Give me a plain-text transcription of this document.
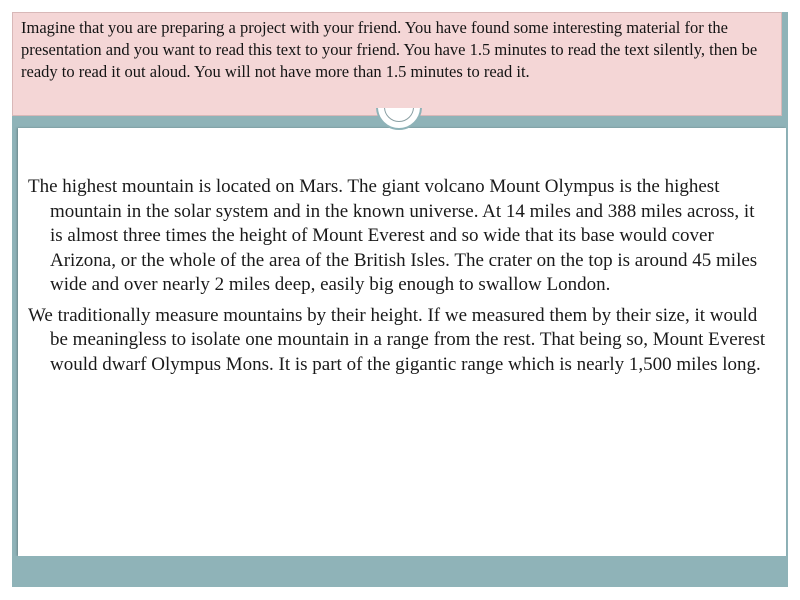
Imagine that you are preparing a project with your friend. You have found some interesting material for the presentation and you want to read this text to your friend. You have 1.5 minutes to read the text silently, then be ready to read it out aloud. You will not have more than 1.5 minutes to read it.

The highest mountain is located on Mars. The giant volcano Mount Olympus is the highest mountain in the solar system and in the known universe. At 14 miles and 388 miles across, it is almost three times the height of Mount Everest and so wide that its base would cover Arizona, or the whole of the area of the British Isles. The crater on the top is around 45 miles wide and over nearly 2 miles deep, easily big enough to swallow London.

We traditionally measure mountains by their height. If we measured them by their size, it would be meaningless to isolate one mountain in a range from the rest. That being so, Mount Everest would dwarf Olympus Mons. It is part of the gigantic range which is nearly 1,500 miles long.
